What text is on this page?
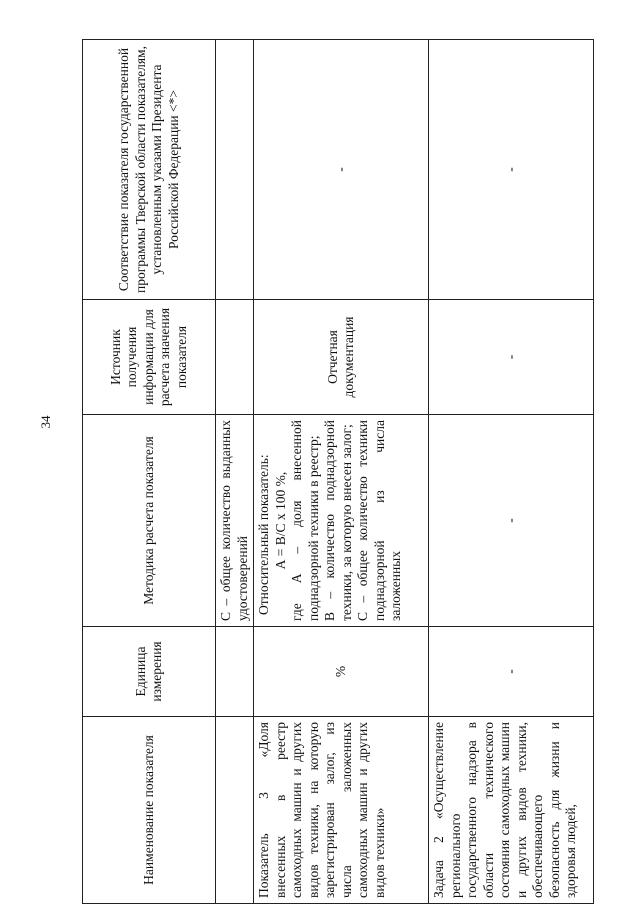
34
Наименование показателя	Единица измерения	Методика расчета показателя	Источник получения информации для расчета значения показателя	Соответствие показателя государственной программы Тверской области показателям, установленным указами Президента Российской Федерации <*>
		С – общее количество выданных удостоверений		
Показатель 3 «Доля внесенных в реестр самоходных машин и других видов техники, на которую зарегистрирован залог, из числа заложенных самоходных машин и других видов техники»	%	Относительный показатель: А = В/С х 100 %, где А – доля внесенной поднадзорной техники в реестр; В – количество поднадзорной техники, за которую внесен залог; С – общее количество техники поднадзорной из числа заложенных	Отчетная документация	-
Задача 2 «Осуществление регионального государственного надзора в области технического состояния самоходных машин и других видов техники, обеспечивающего безопасность для жизни и здоровья людей,	-	-	-	-
